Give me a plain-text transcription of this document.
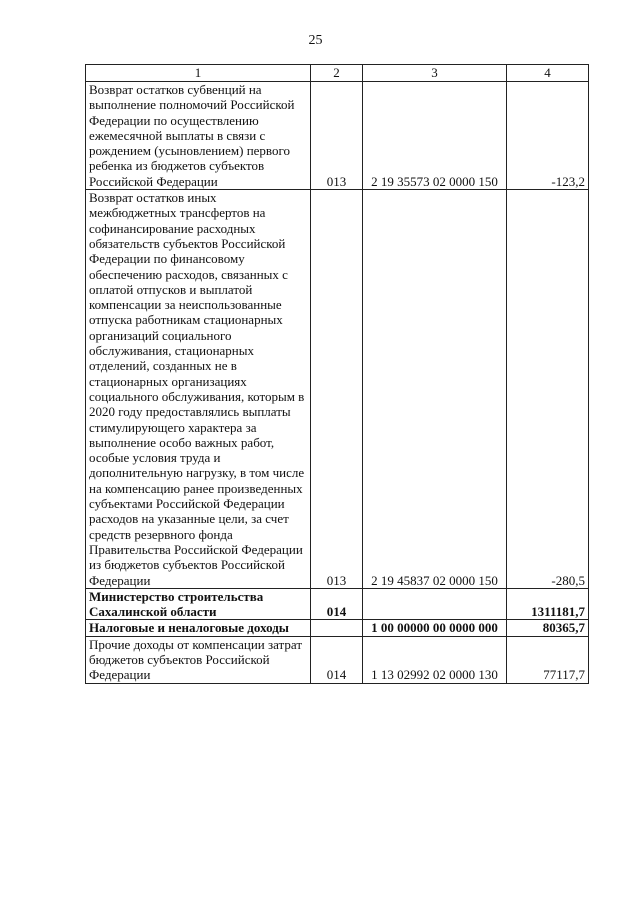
25
1	2	3	4
Возврат остатков субвенций на выполнение полномочий Российской Федерации по осуществлению ежемесячной выплаты в связи с рождением (усыновлением) первого ребенка из бюджетов субъектов Российской Федерации	013	2 19 35573 02 0000 150	-123,2
Возврат остатков иных межбюджетных трансфертов на софинансирование расходных обязательств субъектов Российской Федерации по финансовому обеспечению расходов, связанных с оплатой отпусков и выплатой компенсации за неиспользованные отпуска работникам стационарных организаций социального обслуживания, стационарных отделений, созданных не в стационарных организациях социального обслуживания, которым в 2020 году предоставлялись выплаты стимулирующего характера за выполнение особо важных работ, особые условия труда и дополнительную нагрузку, в том числе на компенсацию ранее произведенных субъектами Российской Федерации расходов на указанные цели, за счет средств резервного фонда Правительства Российской Федерации из бюджетов субъектов Российской Федерации	013	2 19 45837 02 0000 150	-280,5
Министерство строительства Сахалинской области	014		1311181,7
Налоговые и неналоговые доходы		1 00 00000 00 0000 000	80365,7
Прочие доходы от компенсации затрат бюджетов субъектов Российской Федерации	014	1 13 02992 02 0000 130	77117,7
